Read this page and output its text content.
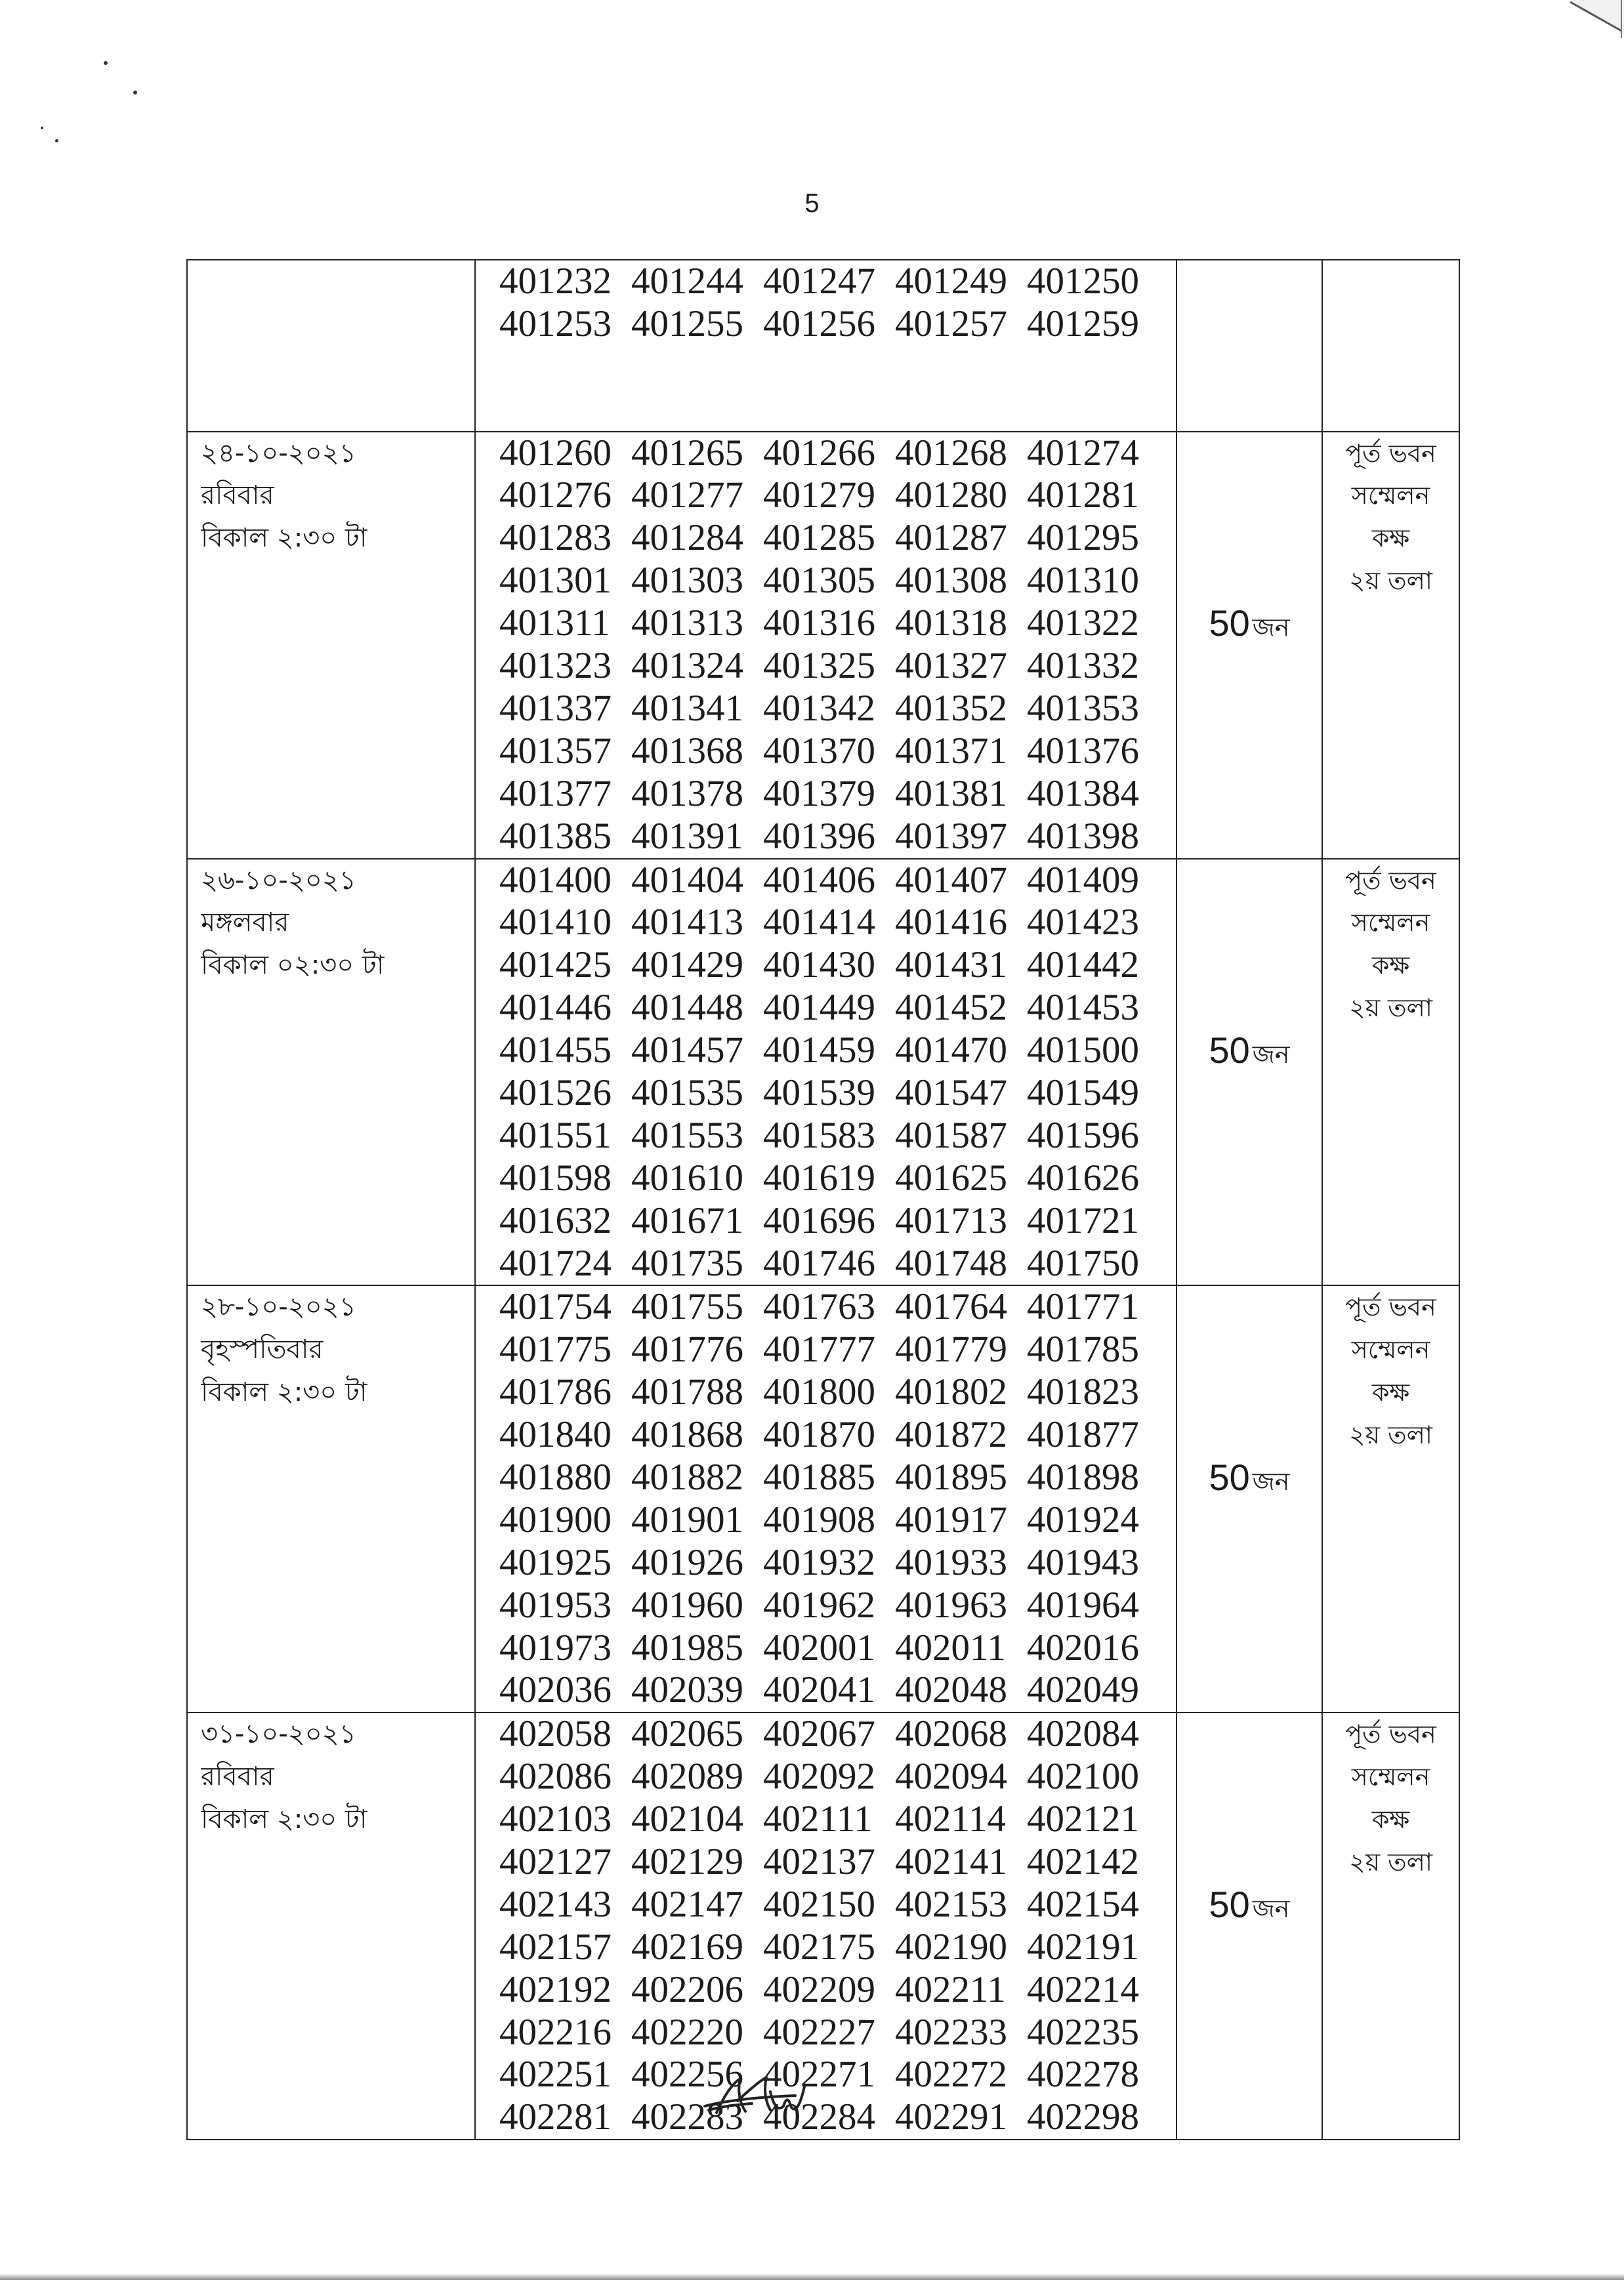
5
401232 401244 401247 401249 401250
401253 401255 401256 401257 401259
২৪-১০-২০২১
রবিবার
বিকাল ২:৩০ টা
401260 401265 401266 401268 401274
401276 401277 401279 401280 401281
401283 401284 401285 401287 401295
401301 401303 401305 401308 401310
401311 401313 401316 401318 401322
401323 401324 401325 401327 401332
401337 401341 401342 401352 401353
401357 401368 401370 401371 401376
401377 401378 401379 401381 401384
401385 401391 401396 401397 401398
50 জন
পূর্ত ভবন
সম্মেলন
কক্ষ
২য় তলা
২৬-১০-২০২১
মঙ্গলবার
বিকাল ০২:৩০ টা
401400 401404 401406 401407 401409
401410 401413 401414 401416 401423
401425 401429 401430 401431 401442
401446 401448 401449 401452 401453
401455 401457 401459 401470 401500
401526 401535 401539 401547 401549
401551 401553 401583 401587 401596
401598 401610 401619 401625 401626
401632 401671 401696 401713 401721
401724 401735 401746 401748 401750
50 জন
পূর্ত ভবন
সম্মেলন
কক্ষ
২য় তলা
২৮-১০-২০২১
বৃহস্পতিবার
বিকাল ২:৩০ টা
401754 401755 401763 401764 401771
401775 401776 401777 401779 401785
401786 401788 401800 401802 401823
401840 401868 401870 401872 401877
401880 401882 401885 401895 401898
401900 401901 401908 401917 401924
401925 401926 401932 401933 401943
401953 401960 401962 401963 401964
401973 401985 402001 402011 402016
402036 402039 402041 402048 402049
50 জন
পূর্ত ভবন
সম্মেলন
কক্ষ
২য় তলা
৩১-১০-২০২১
রবিবার
বিকাল ২:৩০ টা
402058 402065 402067 402068 402084
402086 402089 402092 402094 402100
402103 402104 402111 402114 402121
402127 402129 402137 402141 402142
402143 402147 402150 402153 402154
402157 402169 402175 402190 402191
402192 402206 402209 402211 402214
402216 402220 402227 402233 402235
402251 402256 402271 402272 402278
402281 402283 402284 402291 402298
50 জন
পূর্ত ভবন
সম্মেলন
কক্ষ
২য় তলা
